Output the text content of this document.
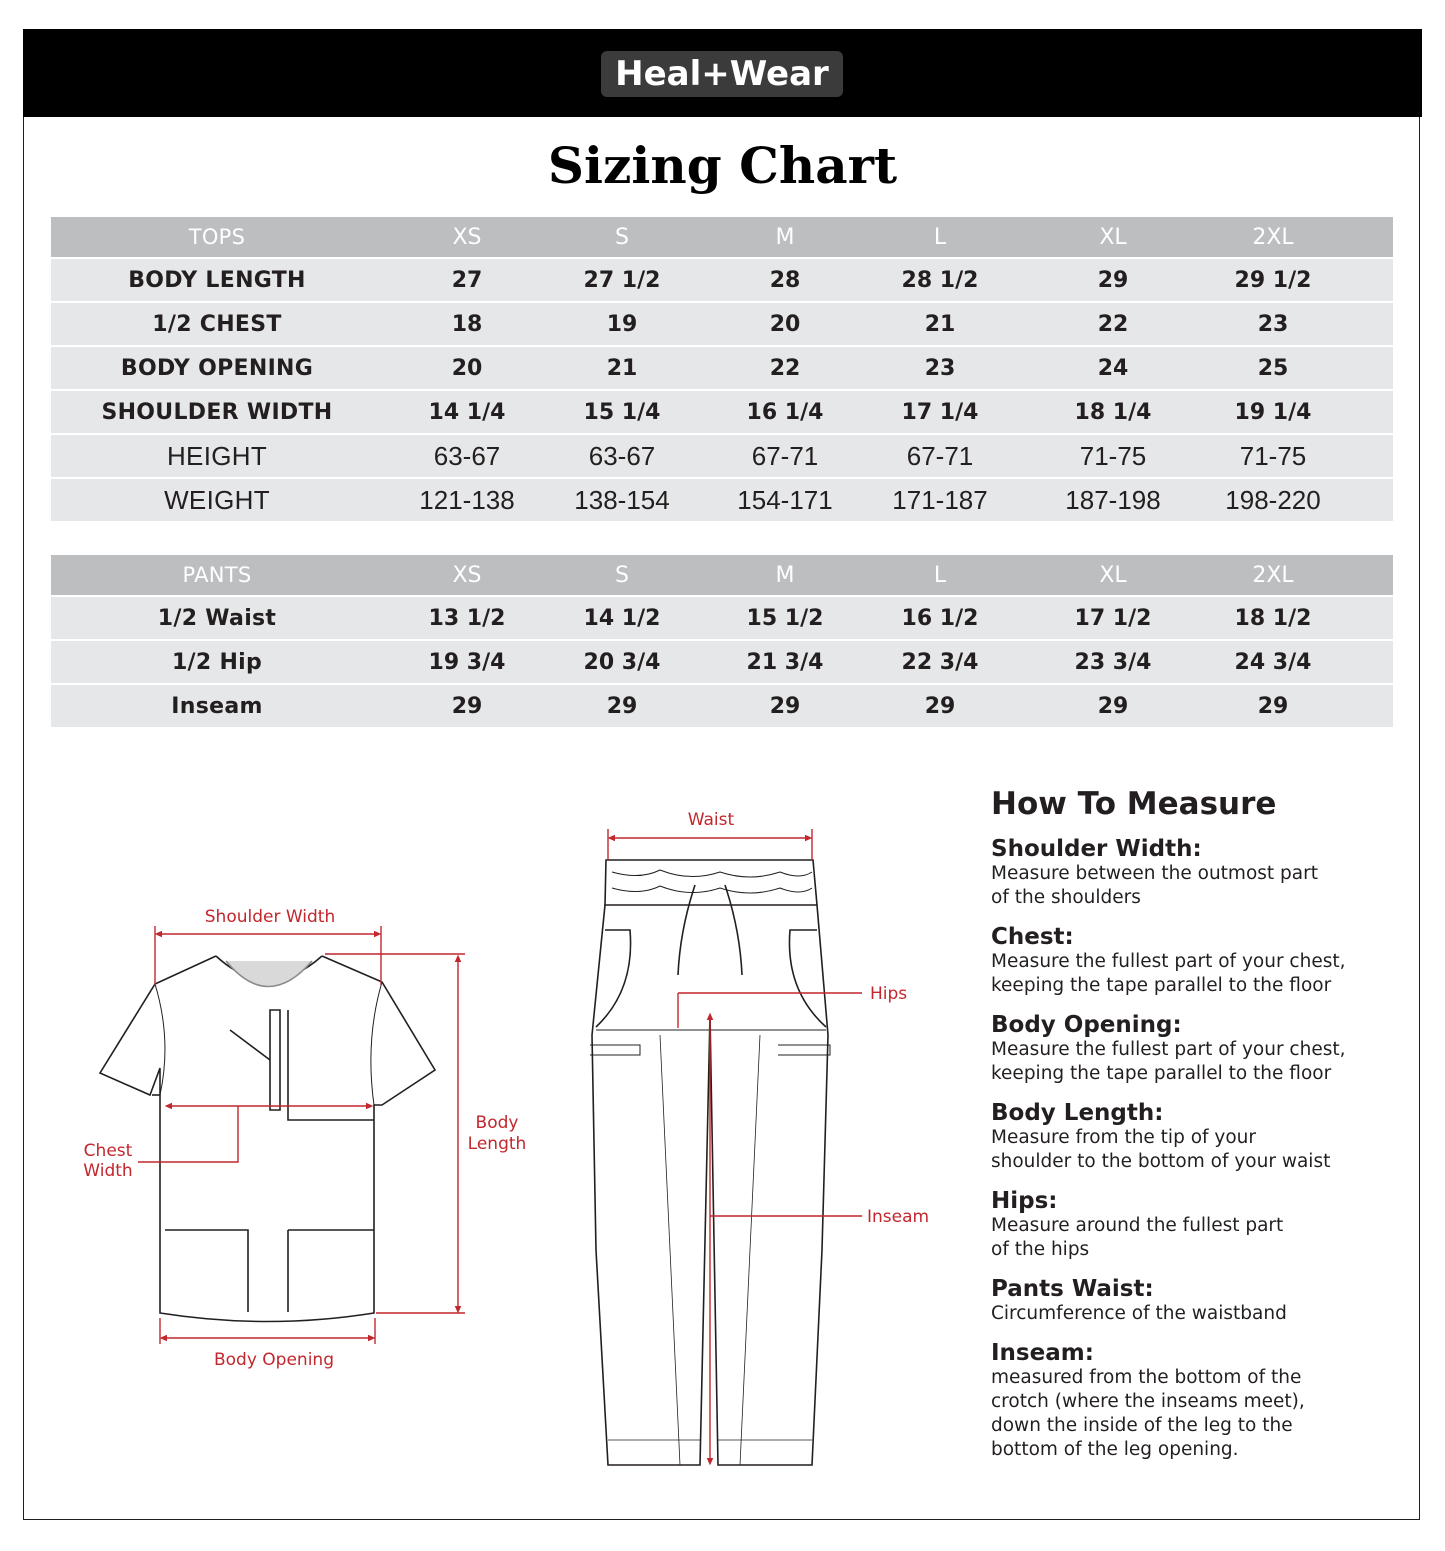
Heal+Wear
Sizing Chart
TOPS	XS	S	M	L	XL	2XL
BODY LENGTH	27	27 1/2	28	28 1/2	29	29 1/2
1/2 CHEST	18	19	20	21	22	23
BODY OPENING	20	21	22	23	24	25
SHOULDER WIDTH	14 1/4	15 1/4	16 1/4	17 1/4	18 1/4	19 1/4
HEIGHT	63-67	63-67	67-71	67-71	71-75	71-75
WEIGHT	121-138	138-154	154-171	171-187	187-198	198-220
PANTS	XS	S	M	L	XL	2XL
1/2 Waist	13 1/2	14 1/2	15 1/2	16 1/2	17 1/2	18 1/2
1/2 Hip	19 3/4	20 3/4	21 3/4	22 3/4	23 3/4	24 3/4
Inseam	29	29	29	29	29	29
Shoulder Width
Chest
Width
Body
Length
Body Opening
Waist
Hips
Inseam
How To Measure
Shoulder Width:
Measure between the outmost part
of the shoulders
Chest:
Measure the fullest part of your chest,
keeping the tape parallel to the floor
Body Opening:
Measure the fullest part of your chest,
keeping the tape parallel to the floor
Body Length:
Measure from the tip of your
shoulder to the bottom of your waist
Hips:
Measure around the fullest part
of the hips
Pants Waist:
Circumference of the waistband
Inseam:
measured from the bottom of the
crotch (where the inseams meet),
down the inside of the leg to the
bottom of the leg opening.
